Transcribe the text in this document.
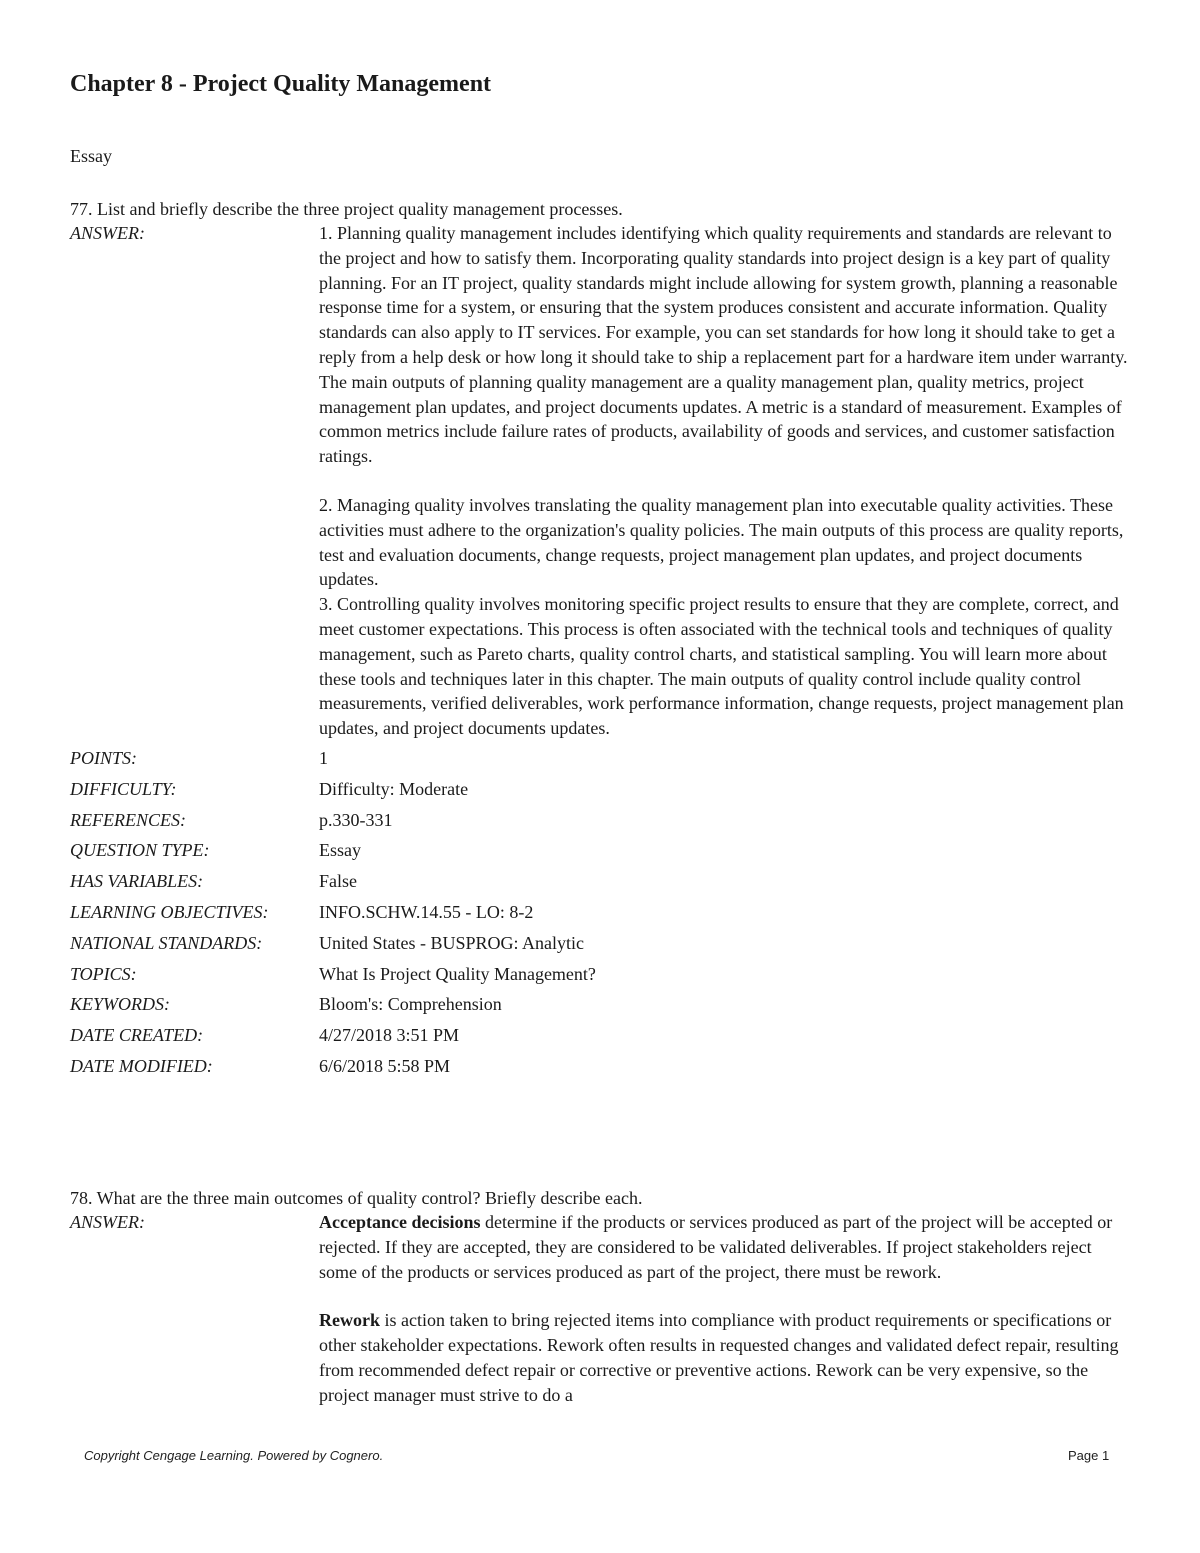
Chapter 8 - Project Quality Management
Essay
77. List and briefly describe the three project quality management processes.
ANSWER:	1. Planning quality management includes identifying which quality requirements and standards are relevant to the project and how to satisfy them. Incorporating quality standards into project design is a key part of quality planning. For an IT project, quality standards might include allowing for system growth, planning a reasonable response time for a system, or ensuring that the system produces consistent and accurate information. Quality standards can also apply to IT services. For example, you can set standards for how long it should take to get a reply from a help desk or how long it should take to ship a replacement part for a hardware item under warranty. The main outputs of planning quality management are a quality management plan, quality metrics, project management plan updates, and project documents updates. A metric is a standard of measurement. Examples of common metrics include failure rates of products, availability of goods and services, and customer satisfaction ratings.

2. Managing quality involves translating the quality management plan into executable quality activities. These activities must adhere to the organization's quality policies. The main outputs of this process are quality reports, test and evaluation documents, change requests, project management plan updates, and project documents updates.

3. Controlling quality involves monitoring specific project results to ensure that they are complete, correct, and meet customer expectations. This process is often associated with the technical tools and techniques of quality management, such as Pareto charts, quality control charts, and statistical sampling. You will learn more about these tools and techniques later in this chapter. The main outputs of quality control include quality control measurements, verified deliverables, work performance information, change requests, project management plan updates, and project documents updates.

POINTS:	1
DIFFICULTY:	Difficulty: Moderate
REFERENCES:	p.330-331
QUESTION TYPE:	Essay
HAS VARIABLES:	False
LEARNING OBJECTIVES:	INFO.SCHW.14.55 - LO: 8-2
NATIONAL STANDARDS:	United States - BUSPROG: Analytic
TOPICS:	What Is Project Quality Management?
KEYWORDS:	Bloom's: Comprehension
DATE CREATED:	4/27/2018 3:51 PM
DATE MODIFIED:	6/6/2018 5:58 PM
78. What are the three main outcomes of quality control? Briefly describe each.
ANSWER:	Acceptance decisions determine if the products or services produced as part of the project will be accepted or rejected. If they are accepted, they are considered to be validated deliverables. If project stakeholders reject some of the products or services produced as part of the project, there must be rework.

Rework is action taken to bring rejected items into compliance with product requirements or specifications or other stakeholder expectations. Rework often results in requested changes and validated defect repair, resulting from recommended defect repair or corrective or preventive actions. Rework can be very expensive, so the project manager must strive to do a

Copyright Cengage Learning. Powered by Cognero.	Page 1
